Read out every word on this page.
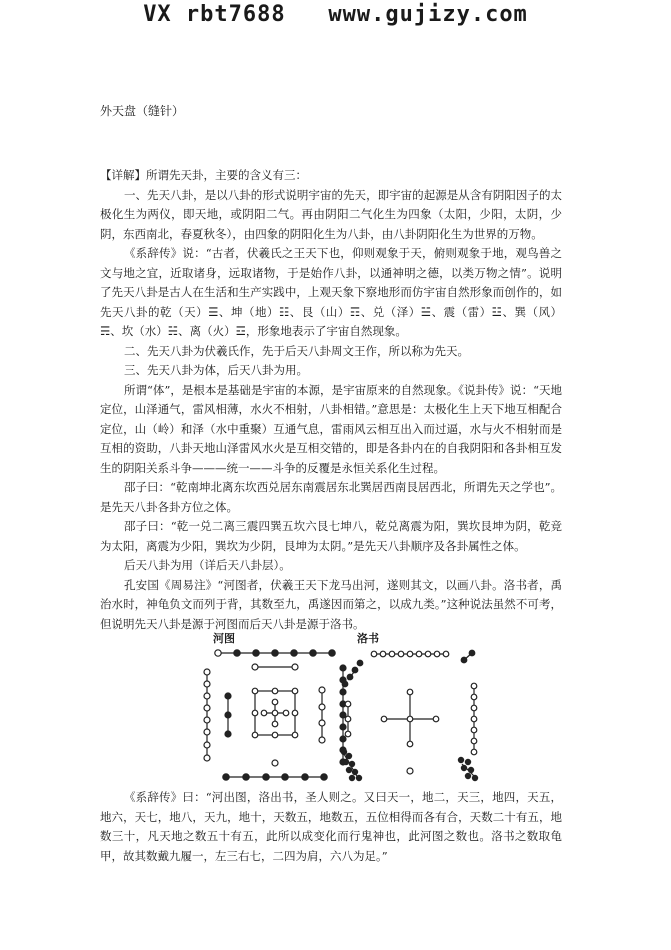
VX rbt7688   www.gujizy.com
外天盘（缝针）

【详解】所谓先天卦，主要的含义有三：

一、先天八卦，是以八卦的形式说明宇宙的先天，即宇宙的起源是从含有阴阳因子的太极化生为两仪，即天地，或阴阳二气。再由阴阳二气化生为四象（太阳，少阳，太阴，少阴，东西南北，春夏秋冬），由四象的阴阳化生为八卦，由八卦阴阳化生为世界的万物。

《系辞传》说：“古者，伏羲氏之王天下也，仰则观象于天，俯则观象于地，观鸟兽之文与地之宜，近取诸身，远取诸物，于是始作八卦，以通神明之德，以类万物之情”。说明了先天八卦是古人在生活和生产实践中，上观天象下察地形而仿宇宙自然形象而创作的，如先天八卦的乾（天）☰、坤（地）☷、艮（山）☶、兑（泽）☱、震（雷）☳、巽（风）☴、坎（水）☵、离（火）☲，形象地表示了宇宙自然现象。

二、先天八卦为伏羲氏作，先于后天八卦周文王作，所以称为先天。

三、先天八卦为体，后天八卦为用。

所谓“体”，是根本是基础是宇宙的本源，是宇宙原来的自然现象。《说卦传》说：“天地定位，山泽通气，雷风相薄，水火不相射，八卦相错。”意思是：太极化生上天下地互相配合定位，山（岭）和泽（水中重聚）互通气息，雷雨风云相互出入而过逼，水与火不相射而是互相的资助，八卦天地山泽雷风水火是互相交错的，即是各卦内在的自我阴阳和各卦相互发生的阴阳关系斗争———统一——斗争的反覆是永恒关系化生过程。

邵子曰：“乾南坤北离东坎西兑居东南震居东北巽居西南艮居西北，所谓先天之学也”。是先天八卦各卦方位之体。

邵子曰：“乾一兑二离三震四巽五坎六艮七坤八，乾兑离震为阳，巽坎艮坤为阴，乾竞为太阳，离震为少阳，巽坎为少阴，艮坤为太阴。”是先天八卦顺序及各卦属性之体。

后天八卦为用（详后天八卦层）。

孔安国《周易注》“河图者，伏羲王天下龙马出河，遂则其文，以画八卦。洛书者，禹治水时，神龟负文而列于背，其数至九，禹遂因而第之，以成九类。”这种说法虽然不可考，但说明先天八卦是源于河图而后天八卦是源于洛书。

河图	洛书

《系辞传》曰：“河出图，洛出书，圣人则之。又曰天一，地二，天三，地四，天五，地六，天七，地八，天九，地十，天数五，地数五，五位相得而各有合，天数二十有五，地数三十，凡天地之数五十有五，此所以成变化而行鬼神也，此河图之数也。洛书之数取龟甲，故其数戴九履一，左三右七，二四为肩，六八为足。”
